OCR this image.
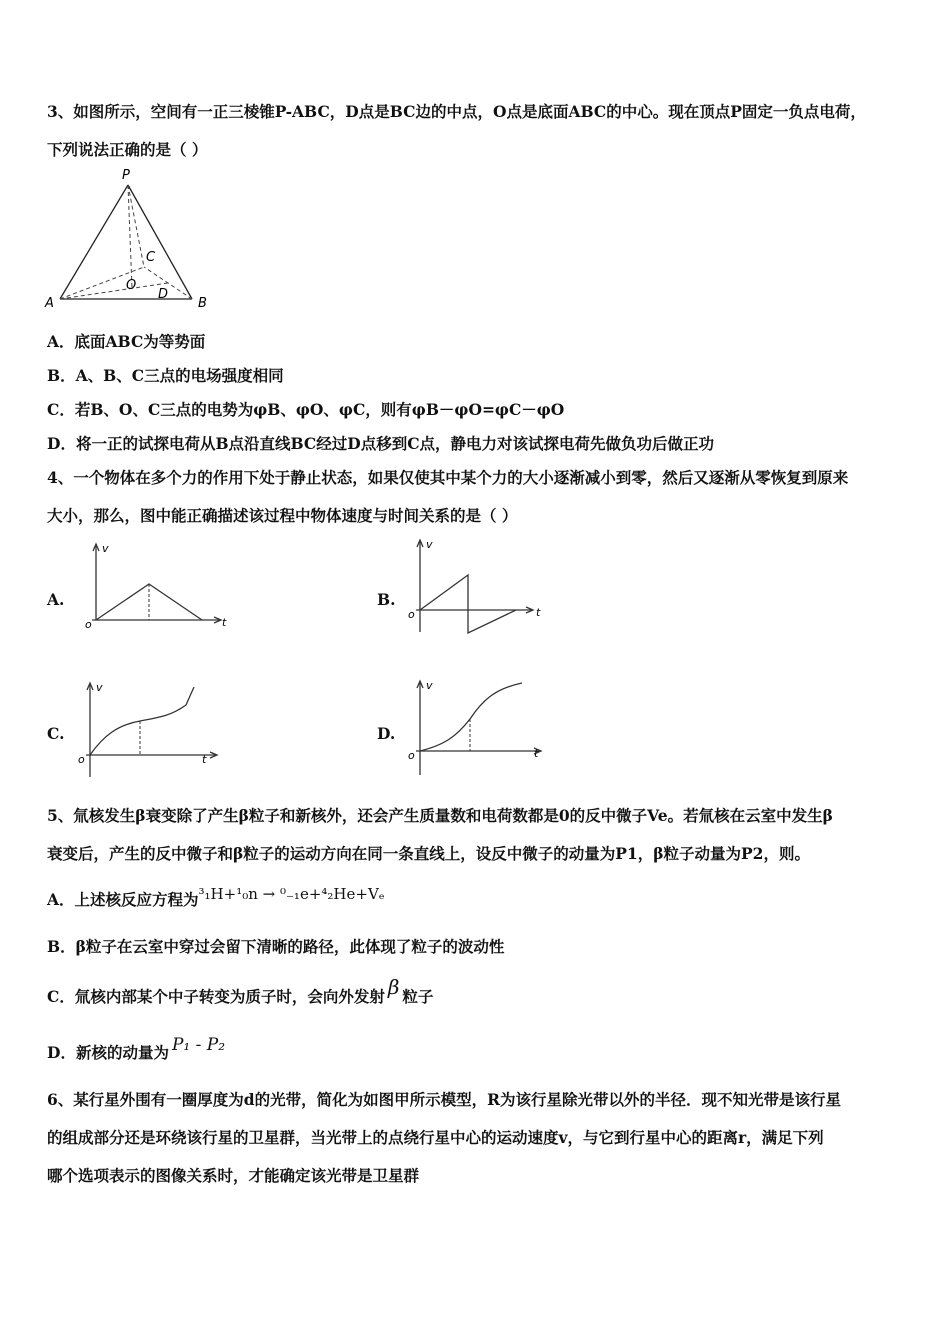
3、如图所示，空间有一正三棱锥P-ABC，D点是BC边的中点，O点是底面ABC的中心。现在顶点P固定一负点电荷，
下列说法正确的是（ ）
P
A	B
C
O
D
A．底面ABC为等势面
B．A、B、C三点的电场强度相同
C．若B、O、C三点的电势为φB、φO、φC，则有φB－φO=φC－φO
D．将一正的试探电荷从B点沿直线BC经过D点移到C点，静电力对该试探电荷先做负功后做正功
4、一个物体在多个力的作用下处于静止状态，如果仅使其中某个力的大小逐渐减小到零，然后又逐渐从零恢复到原来
大小，那么，图中能正确描述该过程中物体速度与时间关系的是（ ）
A.
v
t
o
B.
v
t
o
C.
v
t
o
D.
v
t
o
5、氚核发生β衰变除了产生β粒子和新核外，还会产生质量数和电荷数都是0的反中微子Ve。若氚核在云室中发生β
衰变后，产生的反中微子和β粒子的运动方向在同一条直线上，设反中微子的动量为P1，β粒子动量为P2，则。
A．上述核反应方程为³₁H+¹₀n → ⁰₋₁e+⁴₂He+Vₑ
B．β粒子在云室中穿过会留下清晰的路径，此体现了粒子的波动性
C．氚核内部某个中子转变为质子时，会向外发射 β 粒子
D．新核的动量为 P₁ - P₂
6、某行星外围有一圈厚度为d的光带，简化为如图甲所示模型，R为该行星除光带以外的半径．现不知光带是该行星
的组成部分还是环绕该行星的卫星群，当光带上的点绕行星中心的运动速度v，与它到行星中心的距离r，满足下列
哪个选项表示的图像关系时，才能确定该光带是卫星群
